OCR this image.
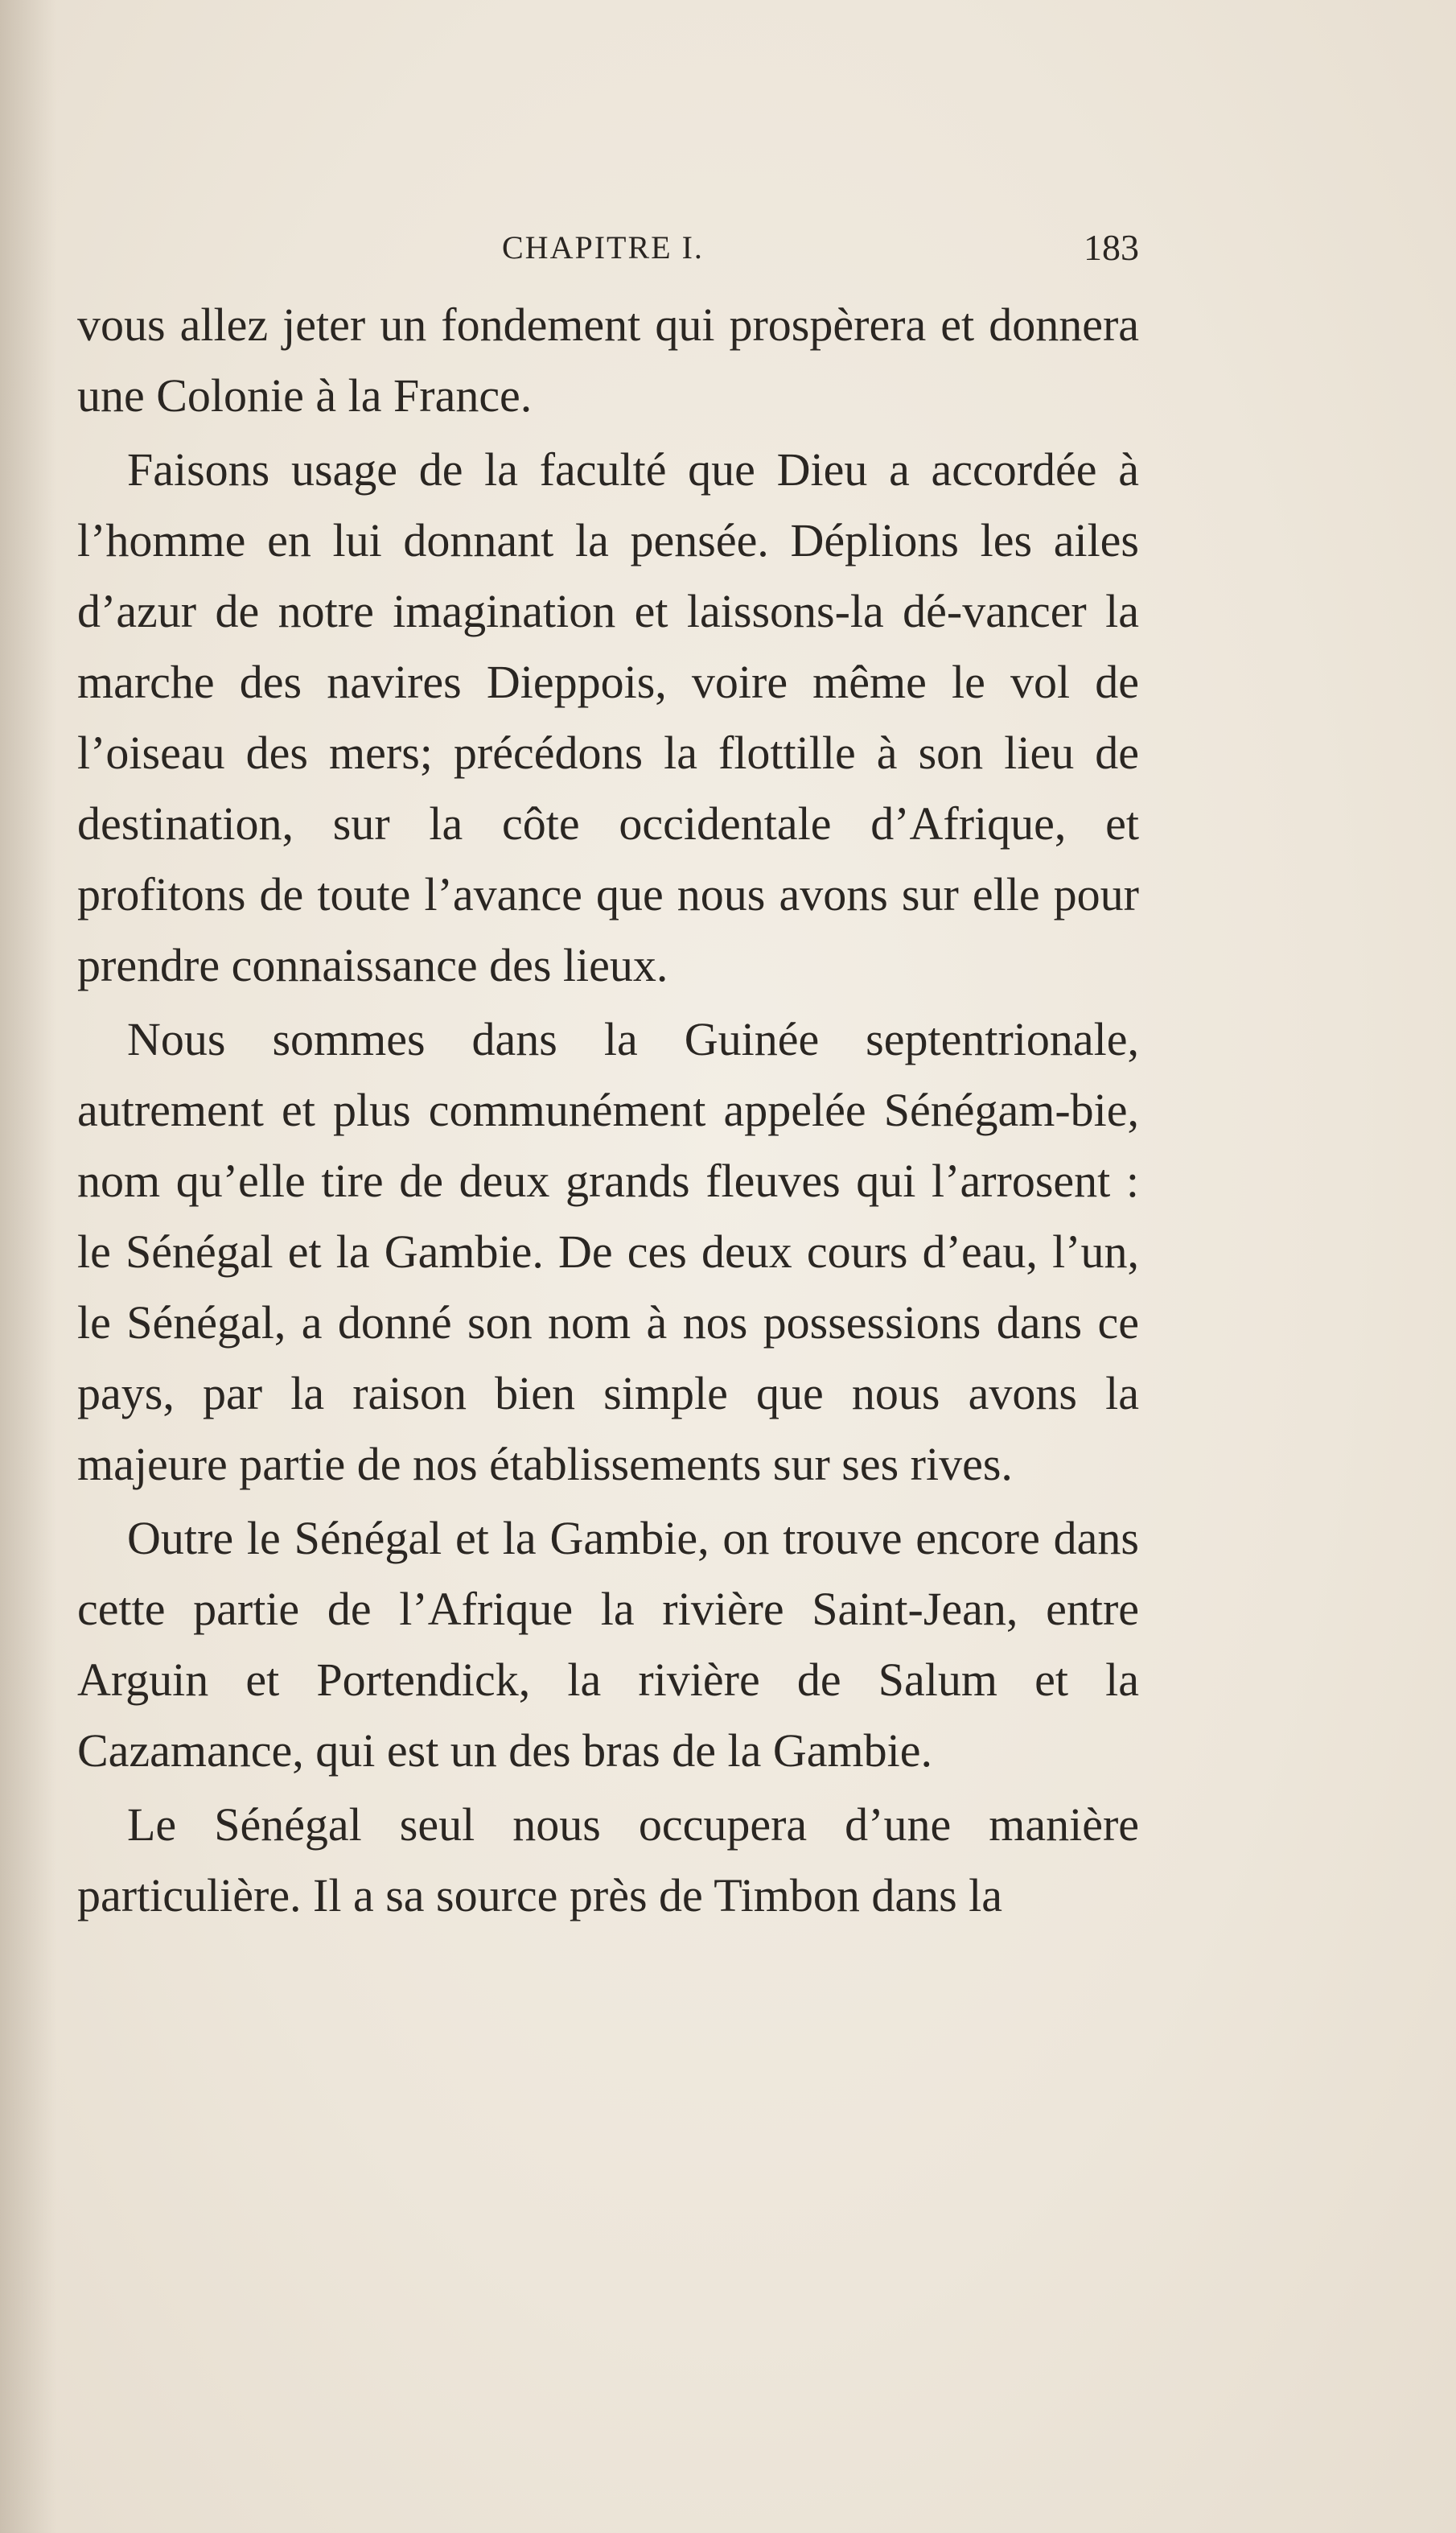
CHAPITRE I.	183

vous allez jeter un fondement qui prospèrera et donnera une Colonie à la France.

Faisons usage de la faculté que Dieu a accordée à l’homme en lui donnant la pensée. Déplions les ailes d’azur de notre imagination et laissons-la dé-vancer la marche des navires Dieppois, voire même le vol de l’oiseau des mers; précédons la flottille à son lieu de destination, sur la côte occidentale d’Afrique, et profitons de toute l’avance que nous avons sur elle pour prendre connaissance des lieux.

Nous sommes dans la Guinée septentrionale, autrement et plus communément appelée Sénégam-bie, nom qu’elle tire de deux grands fleuves qui l’arrosent : le Sénégal et la Gambie. De ces deux cours d’eau, l’un, le Sénégal, a donné son nom à nos possessions dans ce pays, par la raison bien simple que nous avons la majeure partie de nos établissements sur ses rives.

Outre le Sénégal et la Gambie, on trouve encore dans cette partie de l’Afrique la rivière Saint-Jean, entre Arguin et Portendick, la rivière de Salum et la Cazamance, qui est un des bras de la Gambie.

Le Sénégal seul nous occupera d’une manière particulière. Il a sa source près de Timbon dans la
